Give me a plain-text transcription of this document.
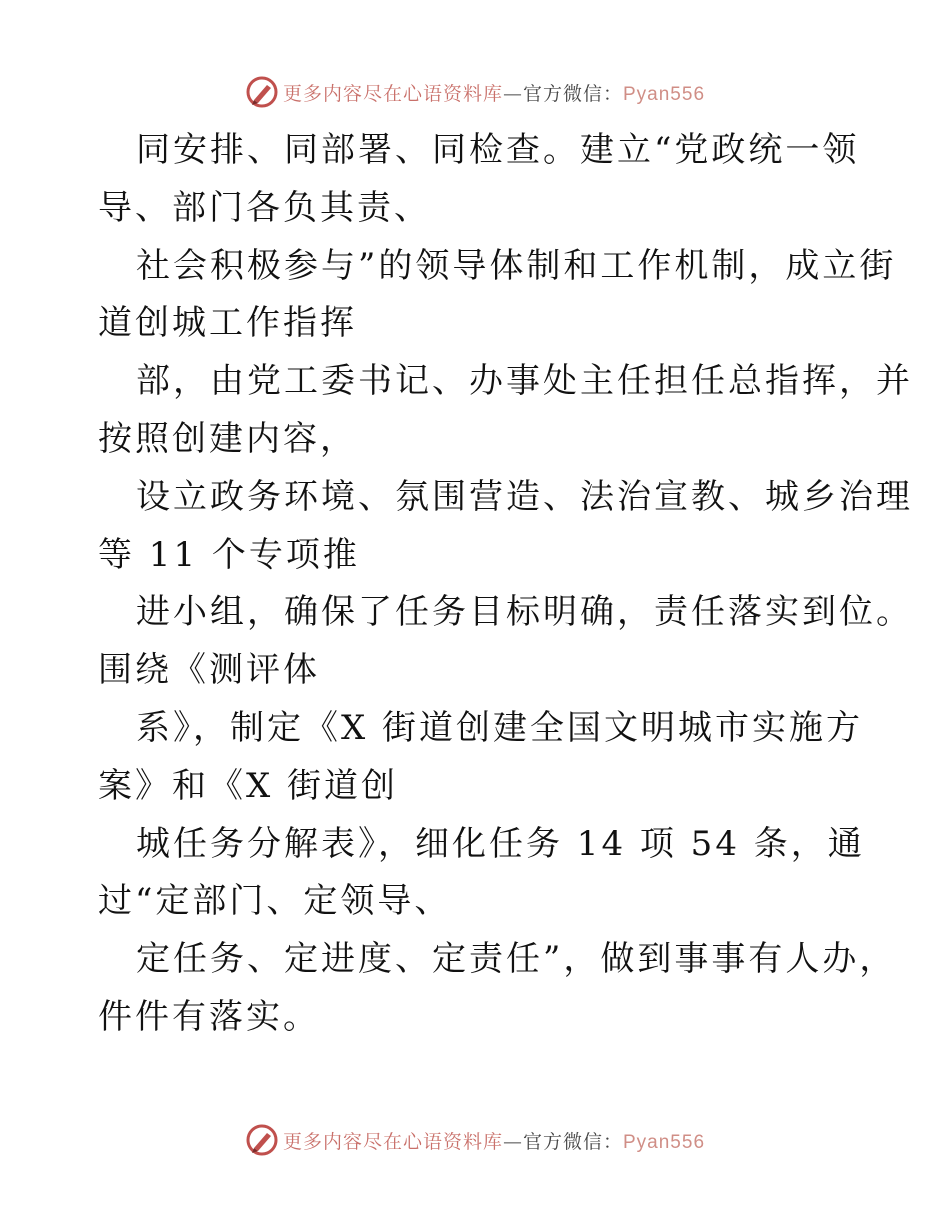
更多内容尽在心语资料库—官方微信：Pyan556
同安排、同部署、同检查。建立“党政统一领
导、部门各负其责、
社会积极参与”的领导体制和工作机制，成立街
道创城工作指挥
部，由党工委书记、办事处主任担任总指挥，并
按照创建内容，
设立政务环境、氛围营造、法治宣教、城乡治理
等 11 个专项推
进小组，确保了任务目标明确，责任落实到位。
围绕《测评体
系》，制定《X 街道创建全国文明城市实施方
案》和《X 街道创
城任务分解表》，细化任务 14 项 54 条，通
过“定部门、定领导、
定任务、定进度、定责任”，做到事事有人办，
件件有落实。
更多内容尽在心语资料库—官方微信：Pyan556
